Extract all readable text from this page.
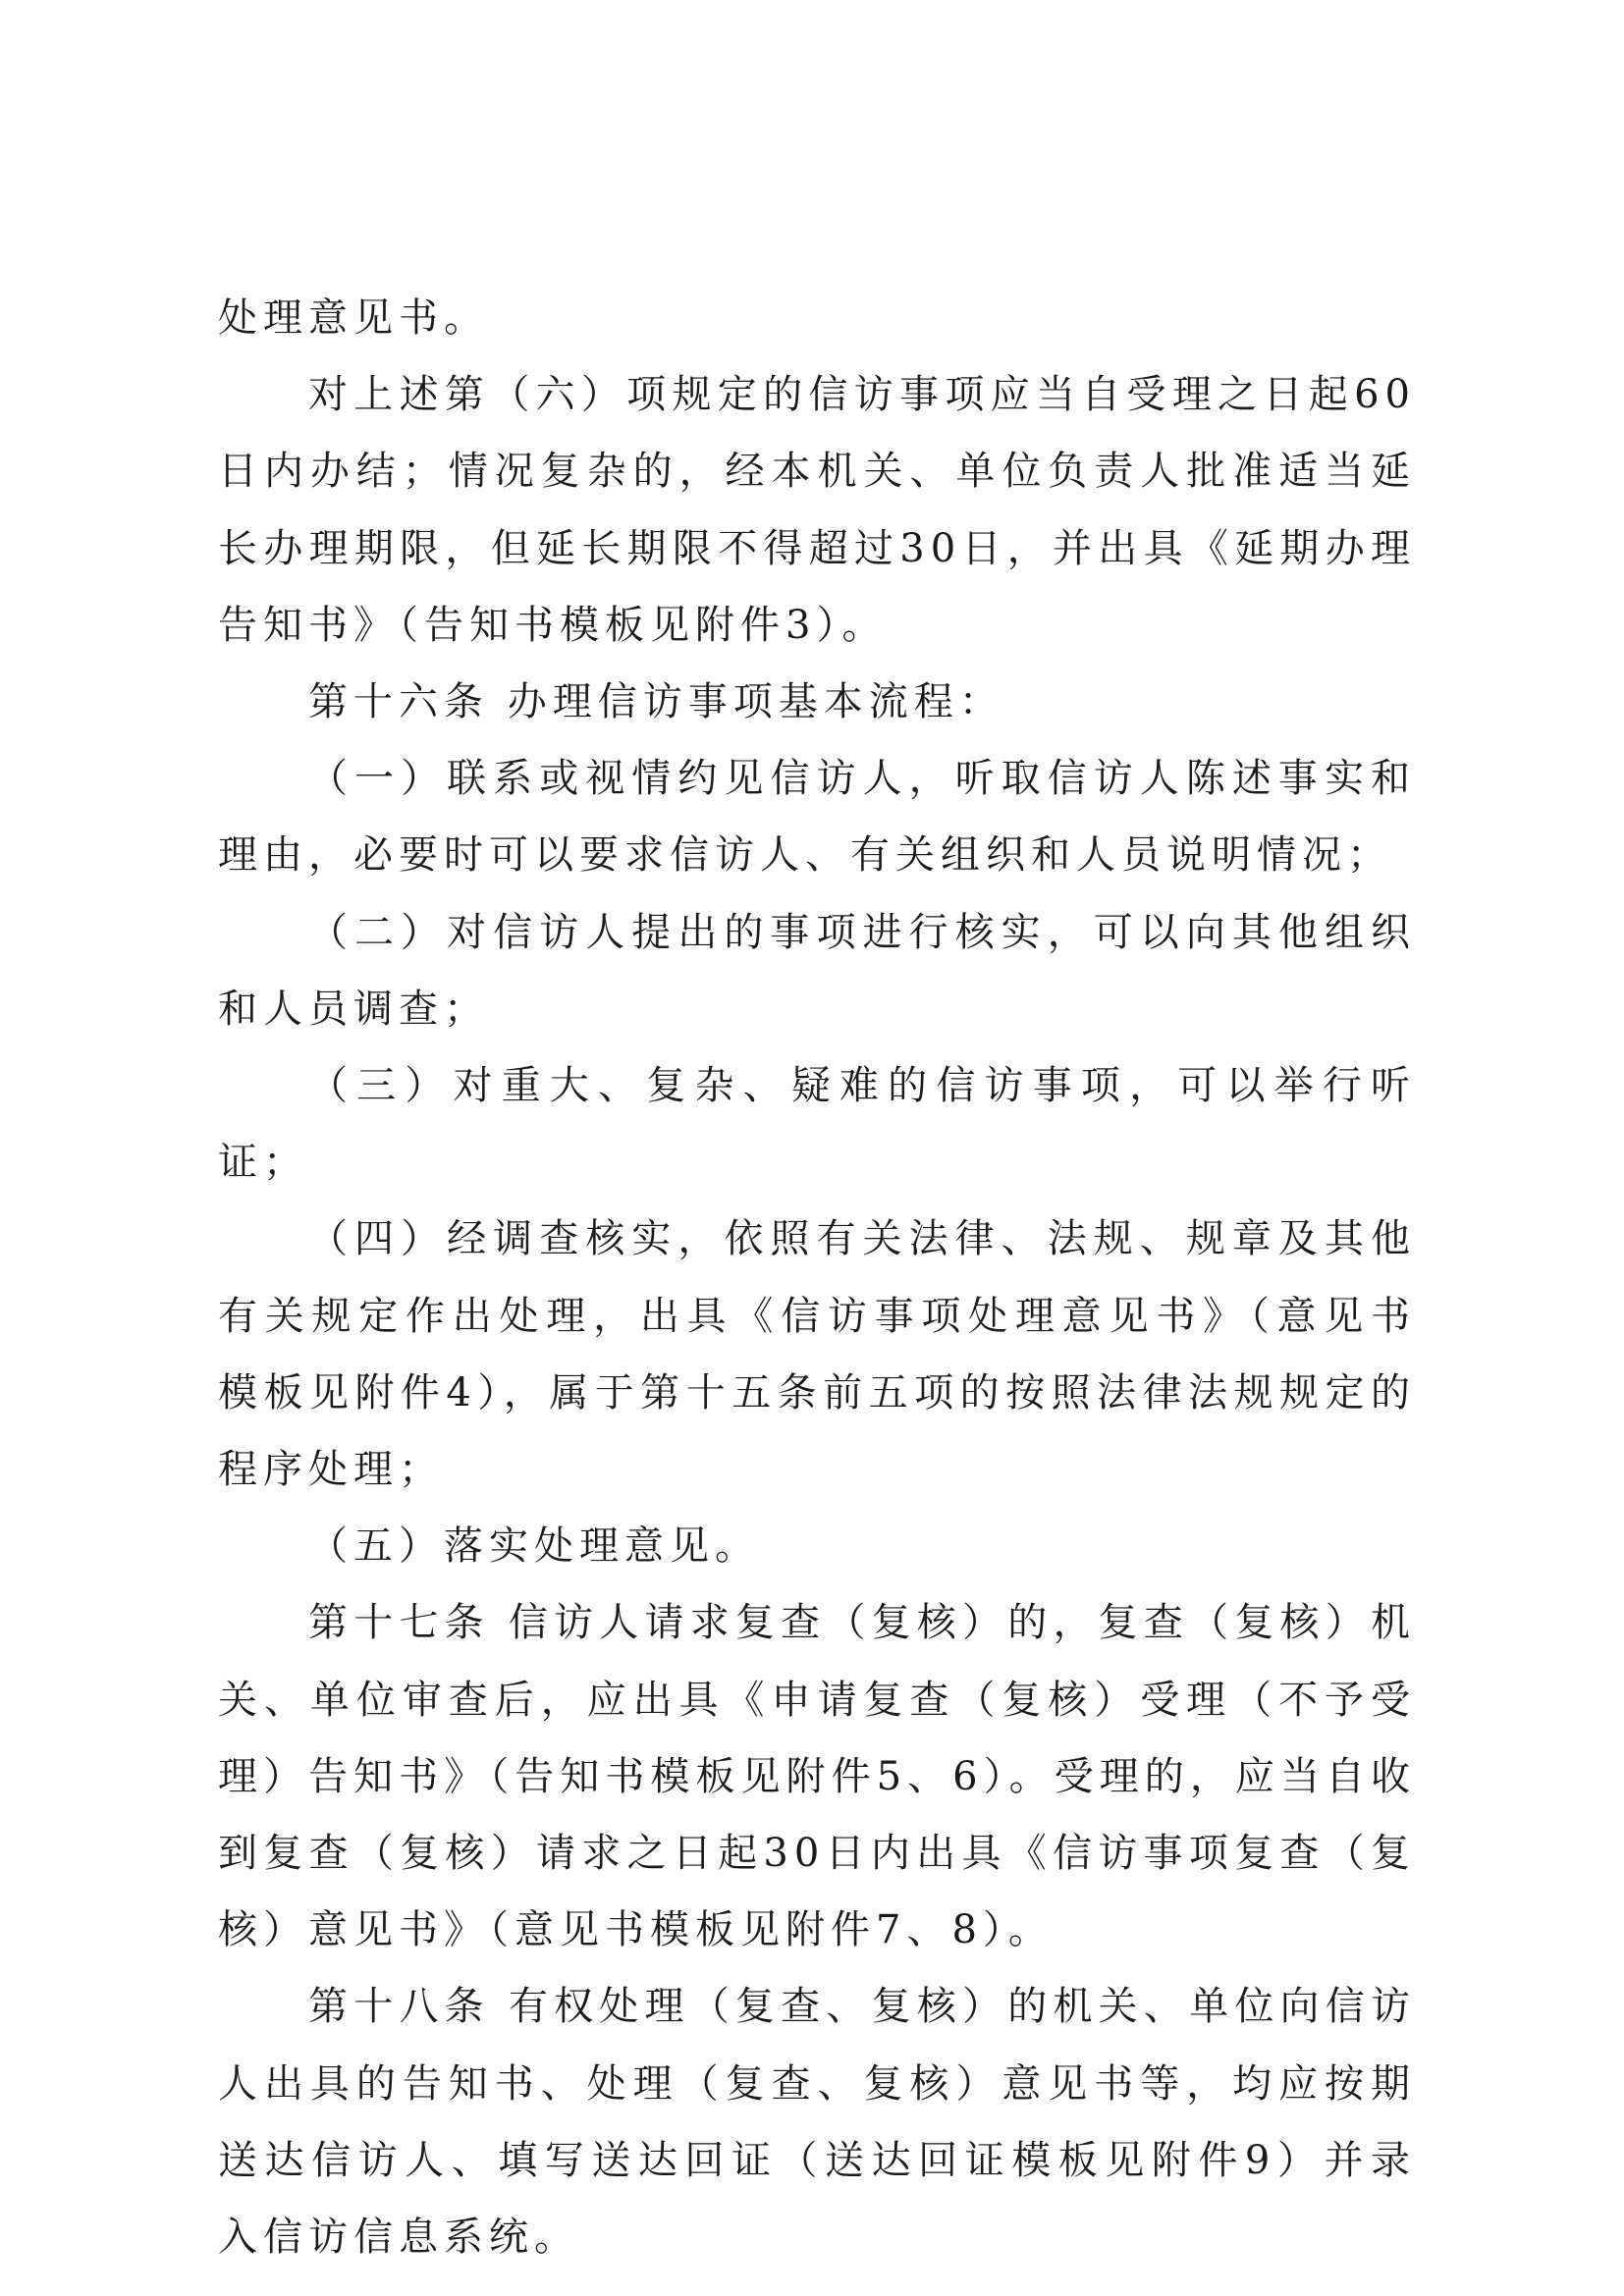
处理意见书。

对上述第（六）项规定的信访事项应当自受理之日起60日内办结；情况复杂的，经本机关、单位负责人批准适当延长办理期限，但延长期限不得超过30日，并出具《延期办理告知书》（告知书模板见附件3）。

第十六条 办理信访事项基本流程：

（一）联系或视情约见信访人，听取信访人陈述事实和理由，必要时可以要求信访人、有关组织和人员说明情况；

（二）对信访人提出的事项进行核实，可以向其他组织和人员调查；

（三）对重大、复杂、疑难的信访事项，可以举行听证；

（四）经调查核实，依照有关法律、法规、规章及其他有关规定作出处理，出具《信访事项处理意见书》（意见书模板见附件4），属于第十五条前五项的按照法律法规规定的程序处理；

（五）落实处理意见。

第十七条 信访人请求复查（复核）的，复查（复核）机关、单位审查后，应出具《申请复查（复核）受理（不予受理）告知书》（告知书模板见附件5、6）。受理的，应当自收到复查（复核）请求之日起30日内出具《信访事项复查（复核）意见书》（意见书模板见附件7、8）。

第十八条 有权处理（复查、复核）的机关、单位向信访人出具的告知书、处理（复查、复核）意见书等，均应按期送达信访人、填写送达回证（送达回证模板见附件9）并录入信访信息系统。
